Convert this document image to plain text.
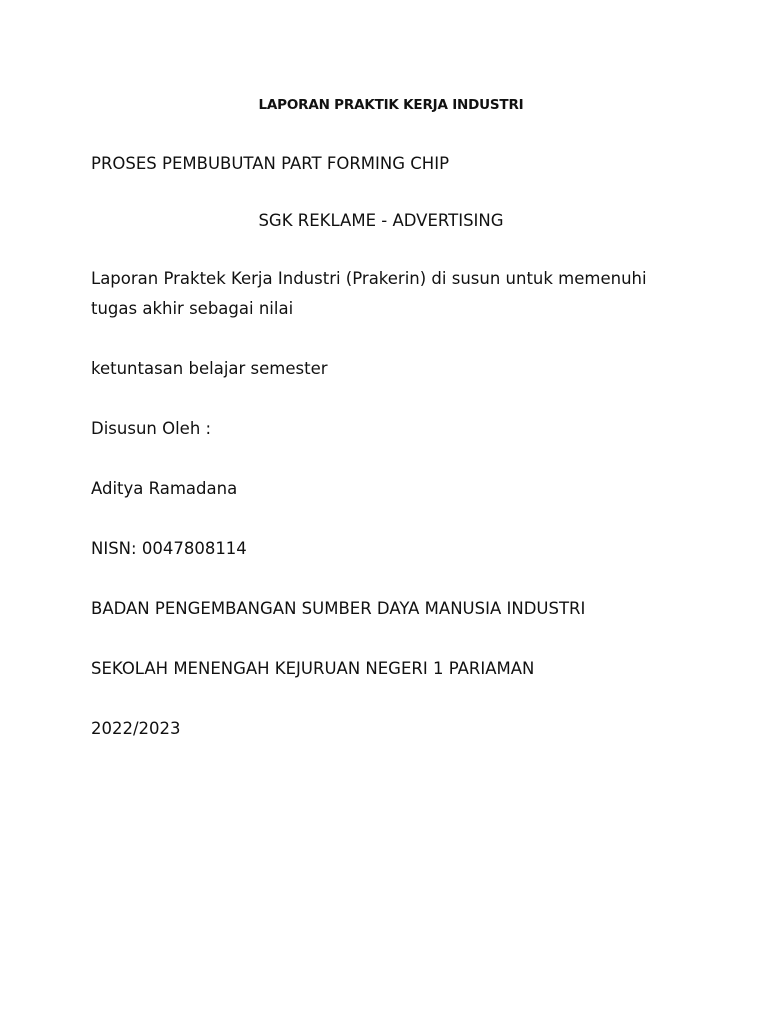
LAPORAN PRAKTIK KERJA INDUSTRI
PROSES PEMBUBUTAN PART FORMING CHIP
SGK REKLAME - ADVERTISING
Laporan Praktek Kerja Industri (Prakerin) di susun untuk memenuhi tugas akhir sebagai nilai
ketuntasan belajar semester
Disusun Oleh :
Aditya Ramadana
NISN: 0047808114
BADAN PENGEMBANGAN SUMBER DAYA MANUSIA INDUSTRI
SEKOLAH MENENGAH KEJURUAN NEGERI 1 PARIAMAN
2022/2023
